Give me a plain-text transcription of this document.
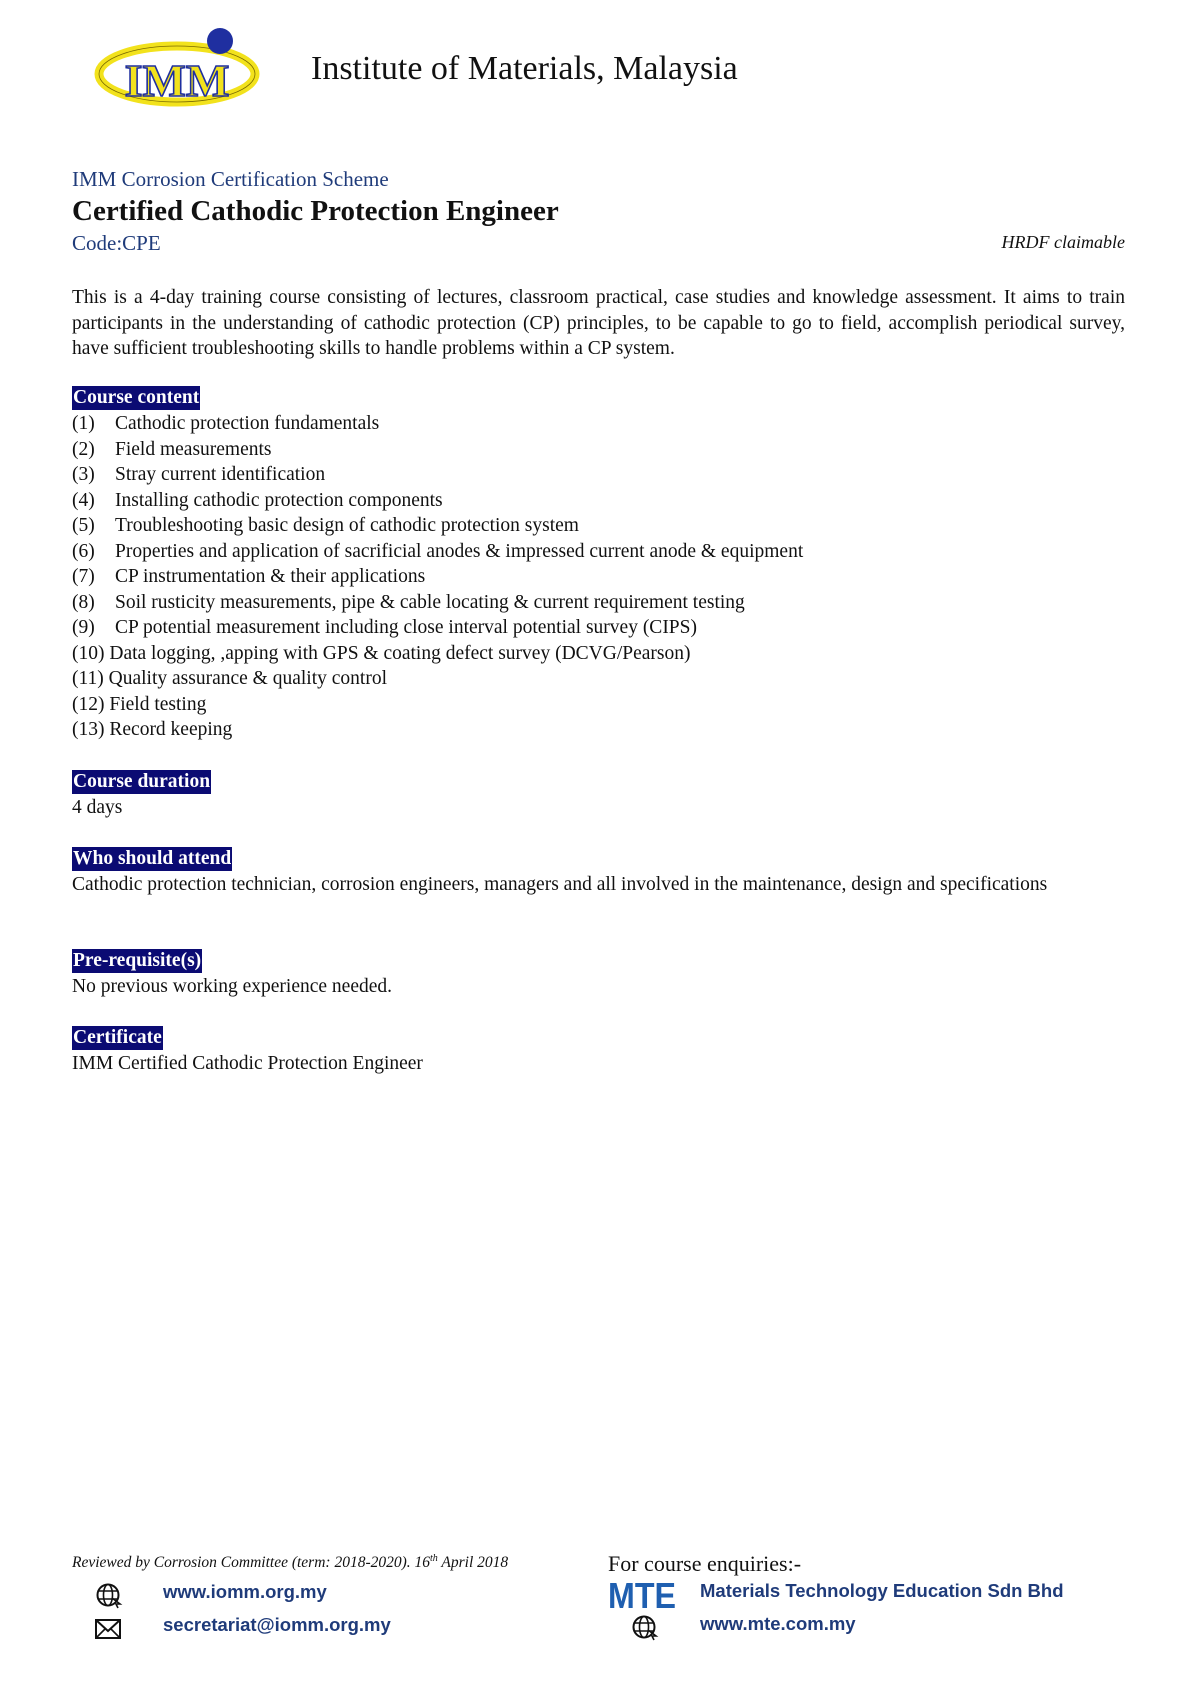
IMM Institute of Materials, Malaysia
IMM Corrosion Certification Scheme
Certified Cathodic Protection Engineer
Code:CPE	HRDF claimable
This is a 4-day training course consisting of lectures, classroom practical, case studies and knowledge assessment. It aims to train participants in the understanding of cathodic protection (CP) principles, to be capable to go to field, accomplish periodical survey, have sufficient troubleshooting skills to handle problems within a CP system.
Course content
(1)	Cathodic protection fundamentals
(2)	Field measurements
(3)	Stray current identification
(4)	Installing cathodic protection components
(5)	Troubleshooting basic design of cathodic protection system
(6)	Properties and application of sacrificial anodes & impressed current anode & equipment
(7)	CP instrumentation & their applications
(8)	Soil rusticity measurements, pipe & cable locating & current requirement testing
(9)	CP potential measurement including close interval potential survey (CIPS)
(10)
Data logging, ,apping with GPS & coating defect survey (DCVG/Pearson)
(11)
Quality assurance & quality control
(12)
Field testing
(13)
Record keeping
Course duration
4 days
Who should attend
Cathodic protection technician, corrosion engineers, managers and all involved in the maintenance, design and specifications
Pre-requisite(s)
No previous working experience needed.
Certificate
IMM Certified Cathodic Protection Engineer
Reviewed by Corrosion Committee (term: 2018-2020). 16th April 2018	For course enquiries:-
www.iomm.org.my
secretariat@iomm.org.my
MTE Materials Technology Education Sdn Bhd
www.mte.com.my
